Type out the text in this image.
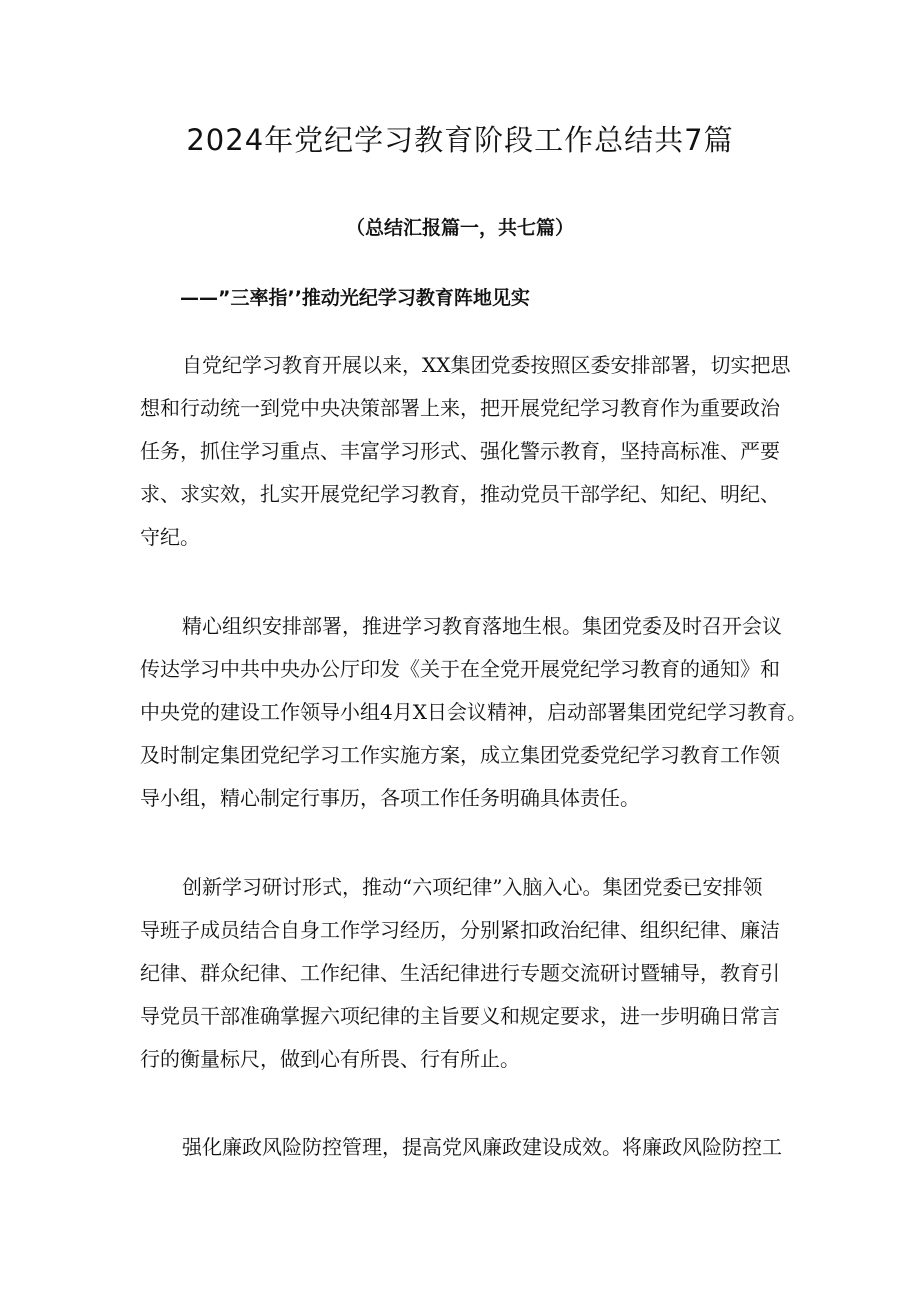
2024年党纪学习教育阶段工作总结共7篇
（总结汇报篇一，共七篇）
——”三率指’’推动光纪学习教育阵地见实

自党纪学习教育开展以来，XX集团党委按照区委安排部署，切实把思
想和行动统一到党中央决策部署上来，把开展党纪学习教育作为重要政治
任务，抓住学习重点、丰富学习形式、强化警示教育，坚持高标准、严要
求、求实效，扎实开展党纪学习教育，推动党员干部学纪、知纪、明纪、
守纪。

精心组织安排部署，推进学习教育落地生根。集团党委及时召开会议
传达学习中共中央办公厅印发《关于在全党开展党纪学习教育的通知》和
中央党的建设工作领导小组4月X日会议精神，启动部署集团党纪学习教育。
及时制定集团党纪学习工作实施方案，成立集团党委党纪学习教育工作领
导小组，精心制定行事历，各项工作任务明确具体责任。

创新学习研讨形式，推动“六项纪律”入脑入心。集团党委已安排领
导班子成员结合自身工作学习经历，分别紧扣政治纪律、组织纪律、廉洁
纪律、群众纪律、工作纪律、生活纪律进行专题交流研讨暨辅导，教育引
导党员干部准确掌握六项纪律的主旨要义和规定要求，进一步明确日常言
行的衡量标尺，做到心有所畏、行有所止。

强化廉政风险防控管理，提高党风廉政建设成效。将廉政风险防控工
